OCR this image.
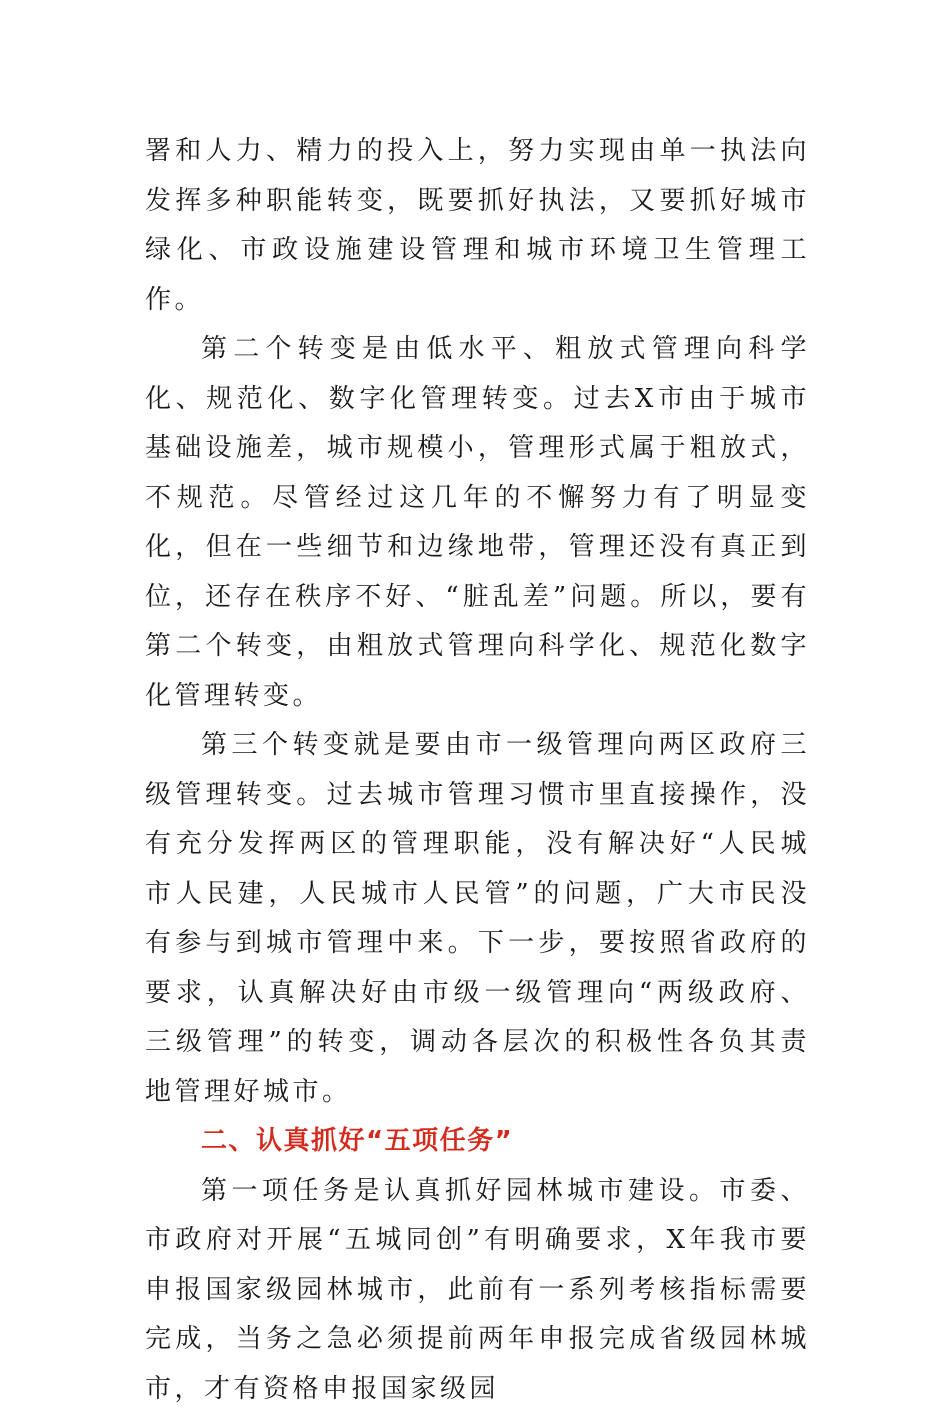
署和人力、精力的投入上，努力实现由单一执法向发挥多种职能转变，既要抓好执法，又要抓好城市绿化、市政设施建设管理和城市环境卫生管理工作。

第二个转变是由低水平、粗放式管理向科学化、规范化、数字化管理转变。过去X市由于城市基础设施差，城市规模小，管理形式属于粗放式，不规范。尽管经过这几年的不懈努力有了明显变化，但在一些细节和边缘地带，管理还没有真正到位，还存在秩序不好、“脏乱差”问题。所以，要有第二个转变，由粗放式管理向科学化、规范化数字化管理转变。

第三个转变就是要由市一级管理向两区政府三级管理转变。过去城市管理习惯市里直接操作，没有充分发挥两区的管理职能，没有解决好“人民城市人民建，人民城市人民管”的问题，广大市民没有参与到城市管理中来。下一步，要按照省政府的要求，认真解决好由市级一级管理向“两级政府、三级管理”的转变，调动各层次的积极性各负其责地管理好城市。

二、认真抓好“五项任务”

第一项任务是认真抓好园林城市建设。市委、市政府对开展“五城同创”有明确要求，X年我市要申报国家级园林城市，此前有一系列考核指标需要完成，当务之急必须提前两年申报完成省级园林城市，才有资格申报国家级园
